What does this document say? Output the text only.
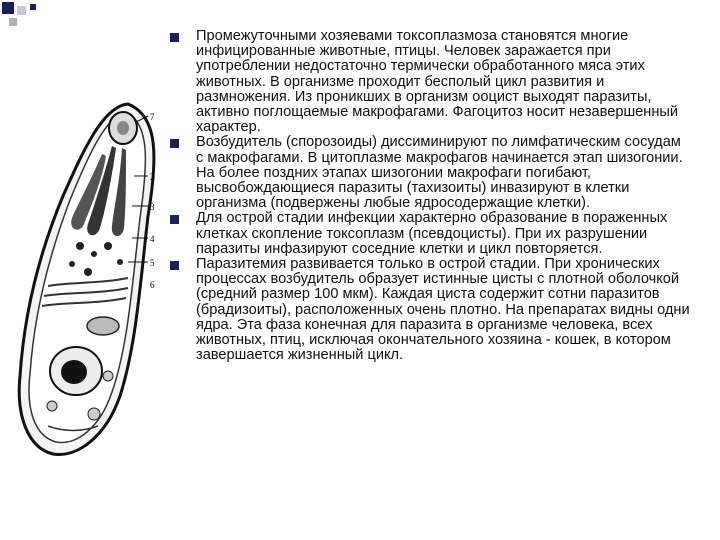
7
2
3
4
5
6
Промежуточными хозяевами токсоплазмоза становятся многие инфицированные животные, птицы. Человек заражается при употреблении недостаточно термически обработанного мяса этих животных. В организме проходит бесполый цикл развития и размножения. Из проникших в организм ооцист выходят паразиты, активно поглощаемые макрофагами. Фагоцитоз носит незавершенный характер.
Возбудитель (спорозоиды) диссиминируют по лимфатическим сосудам с макрофагами. В цитоплазме макрофагов начинается этап шизогонии. На более поздних этапах шизогонии макрофаги погибают, высвобождающиеся паразиты (тахизоиты) инвазируют в клетки организма (подвержены любые ядросодержащие клетки).
Для острой стадии инфекции характерно образование в пораженных клетках скопление токсоплазм (псевдоцисты). При их разрушении паразиты инфазируют соседние клетки и цикл повторяется.
Паразитемия развивается только в острой стадии. При хронических процессах возбудитель образует истинные цисты с плотной оболочкой (средний размер 100 мкм). Каждая циста содержит сотни паразитов (брадизоиты), расположенных очень плотно. На препаратах видны одни ядра. Эта фаза конечная для паразита в организме человека, всех животных, птиц, исключая окончательного хозяина - кошек, в котором завершается жизненный цикл.
